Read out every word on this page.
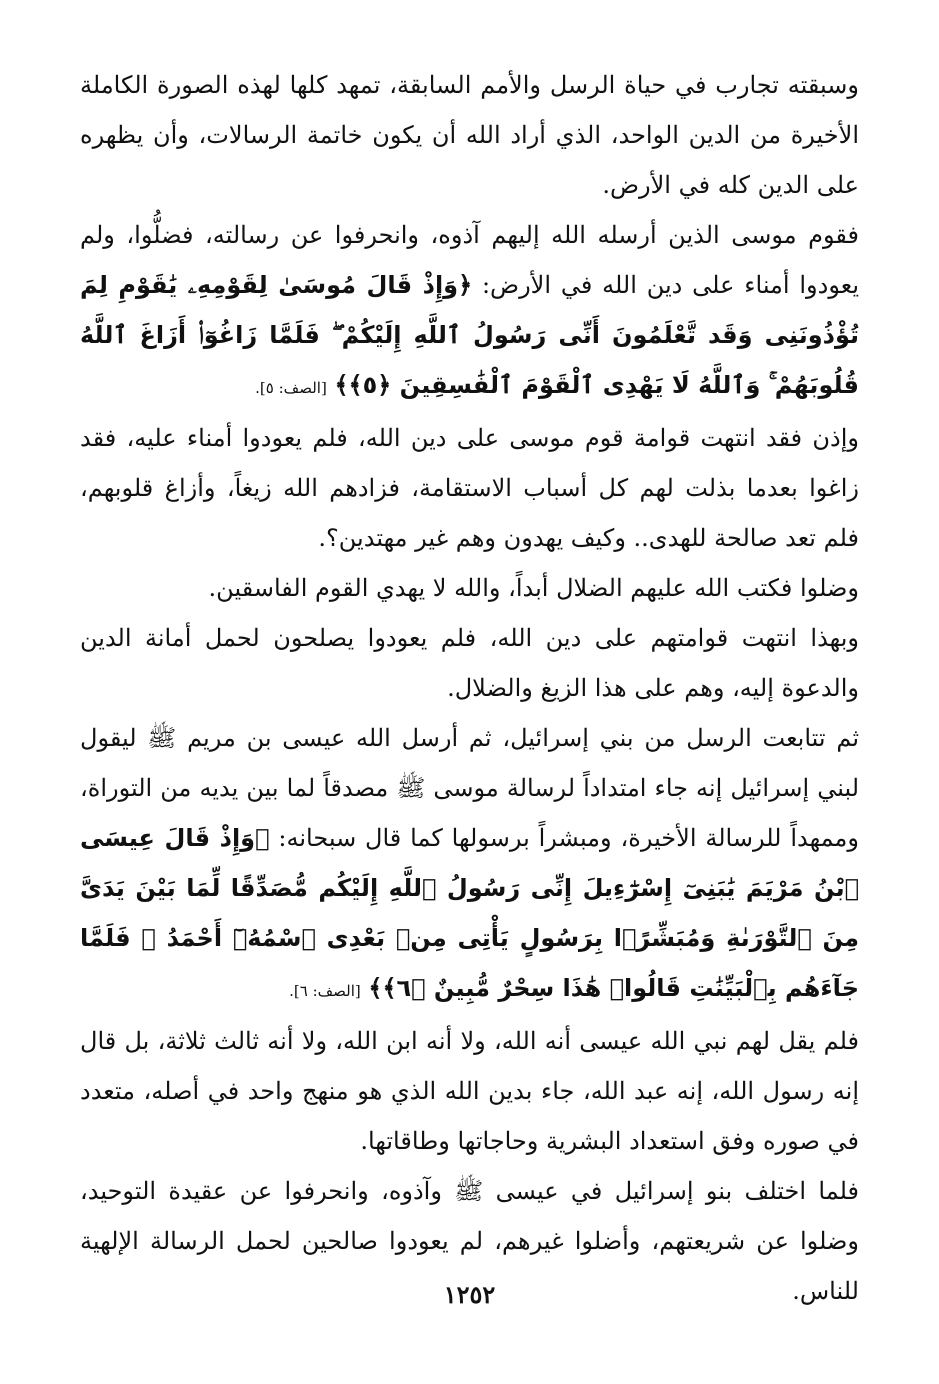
وسبقته تجارب في حياة الرسل والأمم السابقة، تمهد كلها لهذه الصورة الكاملة الأخيرة من الدين الواحد، الذي أراد الله أن يكون خاتمة الرسالات، وأن يظهره على الدين كله في الأرض.

فقوم موسى الذين أرسله الله إليهم آذوه، وانحرفوا عن رسالته، فضلُّوا، ولم يعودوا أمناء على دين الله في الأرض: ﴿وَإِذْ قَالَ مُوسَىٰ لِقَوْمِهِۦ يَٰقَوْمِ لِمَ تُؤْذُونَنِى وَقَد تَّعْلَمُونَ أَنِّى رَسُولُ ٱللَّهِ إِلَيْكُمْ ۖ فَلَمَّا زَاغُوٓا۟ أَزَاغَ ٱللَّهُ قُلُوبَهُمْ ۚ وَٱللَّهُ لَا يَهْدِى ٱلْقَوْمَ ٱلْفَٰسِقِينَ ﴿٥﴾﴾ [الصف: ٥].

وإذن فقد انتهت قوامة قوم موسى على دين الله، فلم يعودوا أمناء عليه، فقد زاغوا بعدما بذلت لهم كل أسباب الاستقامة، فزادهم الله زيغاً، وأزاغ قلوبهم، فلم تعد صالحة للهدى.. وكيف يهدون وهم غير مهتدين؟.

وضلوا فكتب الله عليهم الضلال أبداً، والله لا يهدي القوم الفاسقين.

وبهذا انتهت قوامتهم على دين الله، فلم يعودوا يصلحون لحمل أمانة الدين والدعوة إليه، وهم على هذا الزيغ والضلال.

ثم تتابعت الرسل من بني إسرائيل، ثم أرسل الله عيسى بن مريم ﷺ ليقول لبني إسرائيل إنه جاء امتداداً لرسالة موسى ﷺ مصدقاً لما بين يديه من التوراة، وممهداً للرسالة الأخيرة، ومبشراً برسولها كما قال سبحانه: ﴿وَإِذْ قَالَ عِيسَى ٱبْنُ مَرْيَمَ يَٰبَنِىٓ إِسْرَٰٓءِيلَ إِنِّى رَسُولُ ٱللَّهِ إِلَيْكُم مُّصَدِّقًا لِّمَا بَيْنَ يَدَىَّ مِنَ ٱلتَّوْرَىٰةِ وَمُبَشِّرًۢا بِرَسُولٍ يَأْتِى مِنۢ بَعْدِى ٱسْمُهُۥٓ أَحْمَدُ ۖ فَلَمَّا جَآءَهُم بِٱلْبَيِّنَٰتِ قَالُوا۟ هَٰذَا سِحْرٌ مُّبِينٌ ﴿٦﴾﴾ [الصف: ٦].

فلم يقل لهم نبي الله عيسى أنه الله، ولا أنه ابن الله، ولا أنه ثالث ثلاثة، بل قال إنه رسول الله، إنه عبد الله، جاء بدين الله الذي هو منهج واحد في أصله، متعدد في صوره وفق استعداد البشرية وحاجاتها وطاقاتها.

فلما اختلف بنو إسرائيل في عيسى ﷺ وآذوه، وانحرفوا عن عقيدة التوحيد، وضلوا عن شريعتهم، وأضلوا غيرهم، لم يعودوا صالحين لحمل الرسالة الإلهية للناس.

١٢٥٢
